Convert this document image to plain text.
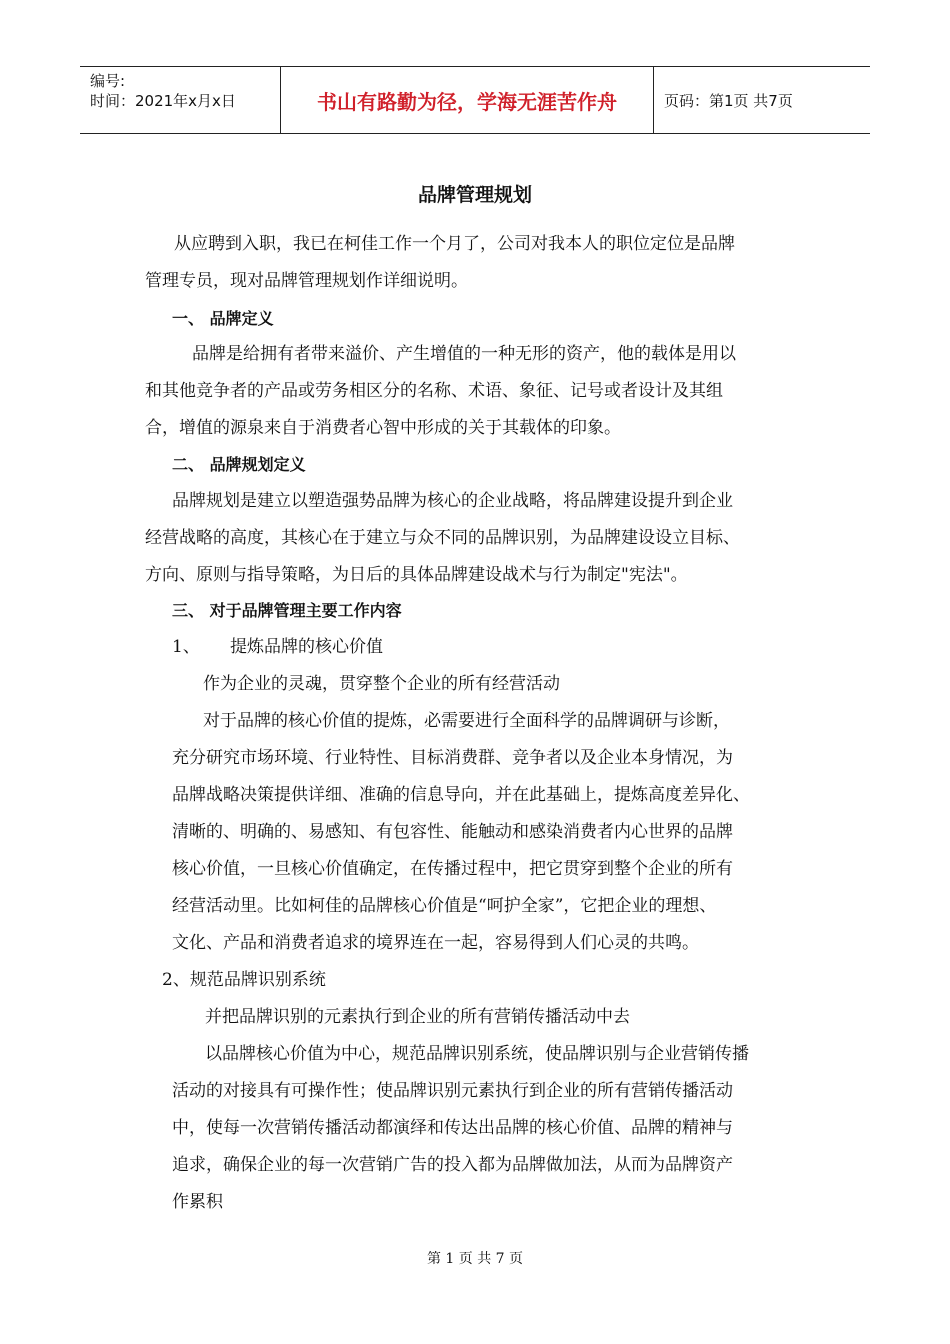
编号:
时间：2021年x月x日	书山有路勤为径，学海无涯苦作舟	页码：第1页 共7页
品牌管理规划
从应聘到入职，我已在柯佳工作一个月了，公司对我本人的职位定位是品牌
管理专员，现对品牌管理规划作详细说明。
一、 品牌定义
品牌是给拥有者带来溢价、产生增值的一种无形的资产，他的载体是用以
和其他竞争者的产品或劳务相区分的名称、术语、象征、记号或者设计及其组
合，增值的源泉来自于消费者心智中形成的关于其载体的印象。
二、 品牌规划定义
品牌规划是建立以塑造强势品牌为核心的企业战略，将品牌建设提升到企业
经营战略的高度，其核心在于建立与众不同的品牌识别，为品牌建设设立目标、
方向、原则与指导策略，为日后的具体品牌建设战术与行为制定"宪法"。
三、 对于品牌管理主要工作内容
1、 提炼品牌的核心价值
作为企业的灵魂，贯穿整个企业的所有经营活动
对于品牌的核心价值的提炼，必需要进行全面科学的品牌调研与诊断，
充分研究市场环境、行业特性、目标消费群、竞争者以及企业本身情况，为
品牌战略决策提供详细、准确的信息导向，并在此基础上，提炼高度差异化、
清晰的、明确的、易感知、有包容性、能触动和感染消费者内心世界的品牌
核心价值，一旦核心价值确定，在传播过程中，把它贯穿到整个企业的所有
经营活动里。比如柯佳的品牌核心价值是“呵护全家”，它把企业的理想、
文化、产品和消费者追求的境界连在一起，容易得到人们心灵的共鸣。
2、规范品牌识别系统
并把品牌识别的元素执行到企业的所有营销传播活动中去
以品牌核心价值为中心，规范品牌识别系统，使品牌识别与企业营销传播
活动的对接具有可操作性；使品牌识别元素执行到企业的所有营销传播活动
中，使每一次营销传播活动都演绎和传达出品牌的核心价值、品牌的精神与
追求，确保企业的每一次营销广告的投入都为品牌做加法，从而为品牌资产
作累积
第 1 页 共 7 页
